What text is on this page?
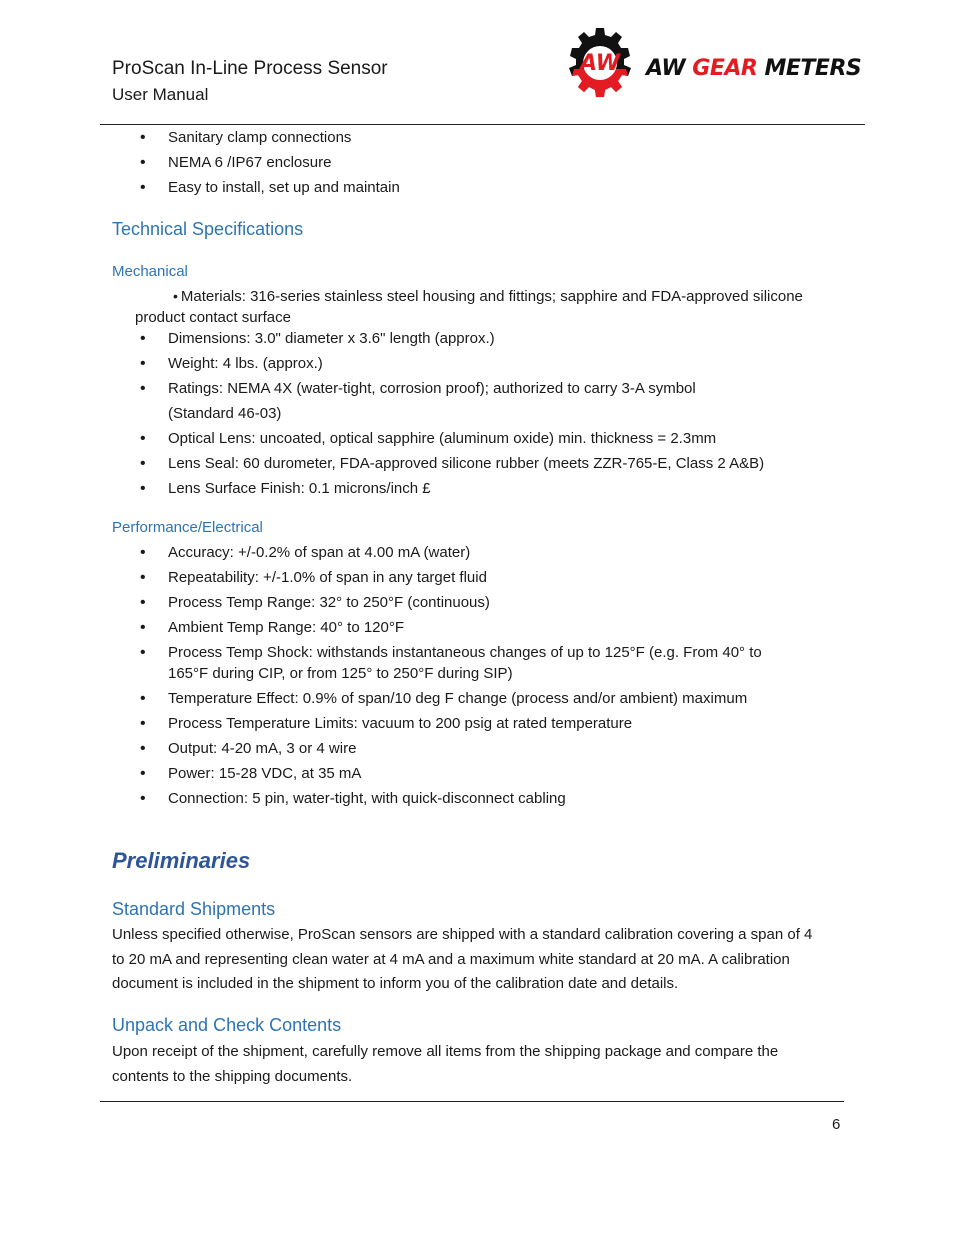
ProScan In-Line Process Sensor
User Manual
AW AW GEAR METERS
• Sanitary clamp connections
• NEMA 6 /IP67 enclosure
• Easy to install, set up and maintain
Technical Specifications
Mechanical
• Materials: 316-series stainless steel housing and fittings; sapphire and FDA-approved silicone
product contact surface
• Dimensions: 3.0" diameter x 3.6" length (approx.)
• Weight: 4 lbs. (approx.)
• Ratings: NEMA 4X (water-tight, corrosion proof); authorized to carry 3-A symbol
(Standard 46-03)
• Optical Lens: uncoated, optical sapphire (aluminum oxide) min. thickness = 2.3mm
• Lens Seal: 60 durometer, FDA-approved silicone rubber (meets ZZR-765-E, Class 2 A&B)
• Lens Surface Finish: 0.1 microns/inch £
Performance/Electrical
• Accuracy: +/-0.2% of span at 4.00 mA (water)
• Repeatability: +/-1.0% of span in any target fluid
• Process Temp Range: 32° to 250°F (continuous)
• Ambient Temp Range: 40° to 120°F
• Process Temp Shock: withstands instantaneous changes of up to 125°F (e.g. From 40° to
165°F during CIP, or from 125° to 250°F during SIP)
• Temperature Effect: 0.9% of span/10 deg F change (process and/or ambient) maximum
• Process Temperature Limits: vacuum to 200 psig at rated temperature
• Output: 4-20 mA, 3 or 4 wire
• Power: 15-28 VDC, at 35 mA
• Connection: 5 pin, water-tight, with quick-disconnect cabling
Preliminaries
Standard Shipments
Unless specified otherwise, ProScan sensors are shipped with a standard calibration covering a span of 4
to 20 mA and representing clean water at 4 mA and a maximum white standard at 20 mA. A calibration
document is included in the shipment to inform you of the calibration date and details.
Unpack and Check Contents
Upon receipt of the shipment, carefully remove all items from the shipping package and compare the
contents to the shipping documents.
6
